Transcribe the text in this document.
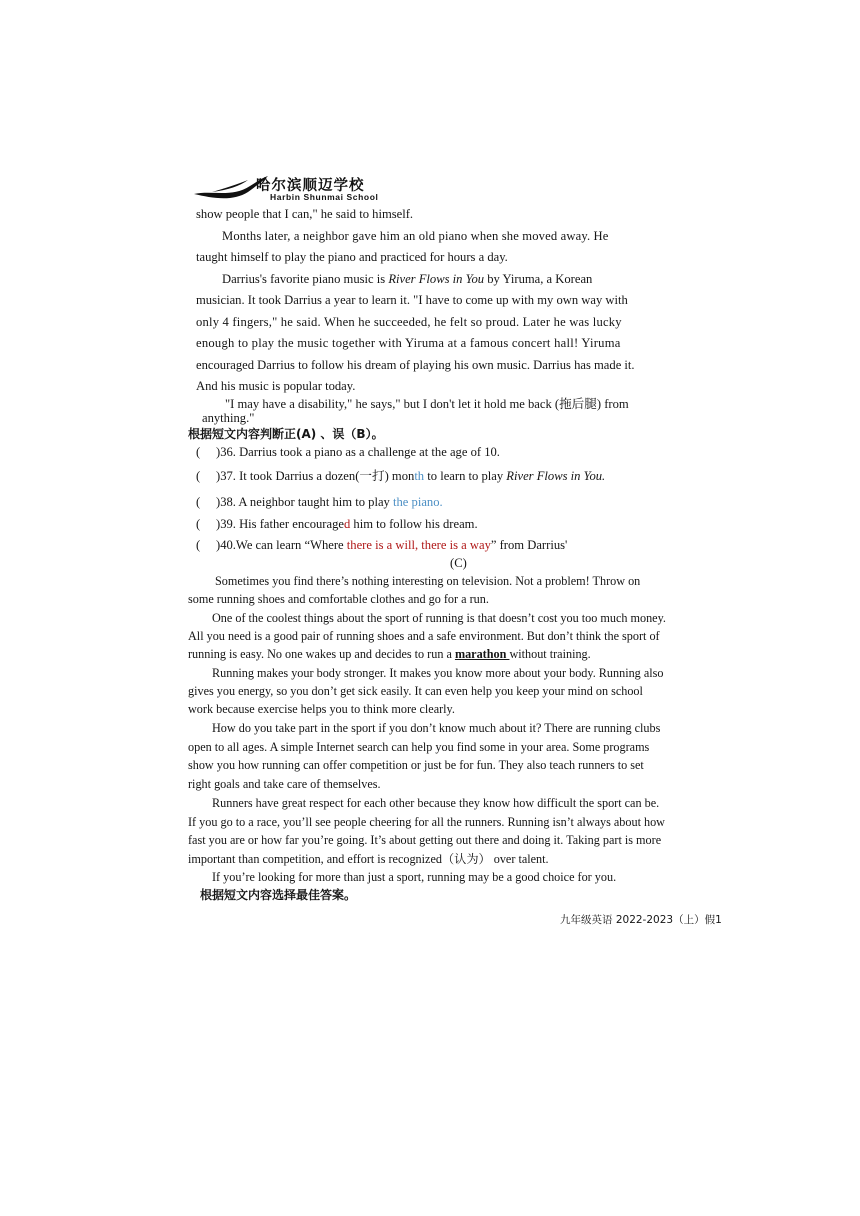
哈尔滨顺迈学校
Harbin Shunmai School
show people that I can," he said to himself.
Months later, a neighbor gave him an old piano when she moved away. He
taught himself to play the piano and practiced for hours a day.
Darrius's favorite piano music is River Flows in You by Yiruma, a Korean
musician. It took Darrius a year to learn it. "I have to come up with my own way with
only 4 fingers," he said. When he succeeded, he felt so proud. Later he was lucky
enough to play the music together with Yiruma at a famous concert hall! Yiruma
encouraged Darrius to follow his dream of playing his own music. Darrius has made it.
And his music is popular today.
"I may have a disability," he says," but I don't let it hold me back (拖后腿) from
anything."
根据短文内容判断正(A) 、误（B）。
( )36. Darrius took a piano as a challenge at the age of 10.
( )37. It took Darrius a dozen(一打) month to learn to play River Flows in You.
( )38. A neighbor taught him to play the piano.
( )39. His father encouraged him to follow his dream.
( )40.We can learn “Where there is a will, there is a way” from Darrius'
(C)
Sometimes you find there’s nothing interesting on television. Not a problem! Throw on
some running shoes and comfortable clothes and go for a run.
One of the coolest things about the sport of running is that doesn’t cost you too much money.
All you need is a good pair of running shoes and a safe environment. But don’t think the sport of
running is easy. No one wakes up and decides to run a marathon without training.
Running makes your body stronger. It makes you know more about your body. Running also
gives you energy, so you don’t get sick easily. It can even help you keep your mind on school
work because exercise helps you to think more clearly.
How do you take part in the sport if you don’t know much about it? There are running clubs
open to all ages. A simple Internet search can help you find some in your area. Some programs
show you how running can offer competition or just be for fun. They also teach runners to set
right goals and take care of themselves.
Runners have great respect for each other because they know how difficult the sport can be.
If you go to a race, you’ll see people cheering for all the runners. Running isn’t always about how
fast you are or how far you’re going. It’s about getting out there and doing it. Taking part is more
important than competition, and effort is recognized（认为） over talent.
If you’re looking for more than just a sport, running may be a good choice for you.
根据短文内容选择最佳答案。
九年级英语 2022-2023（上）假1
